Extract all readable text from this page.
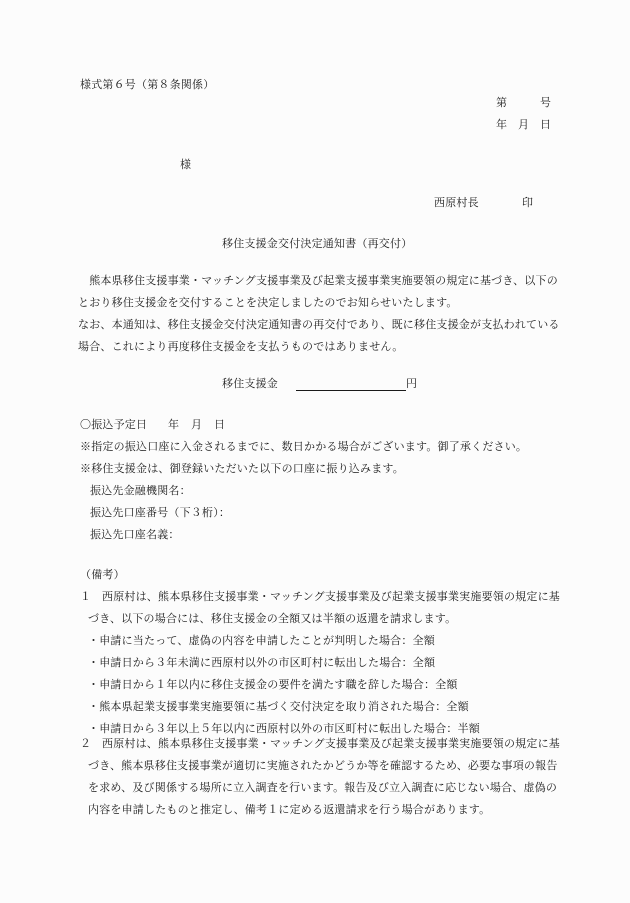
様式第６号（第８条関係）
第	号
年 月 日
様
西原村長	印
移住支援金交付決定通知書（再交付）
　熊本県移住支援事業・マッチング支援事業及び起業支援事業実施要領の規定に基づき、以下の
とおり移住支援金を交付することを決定しましたのでお知らせいたします。
なお、本通知は、移住支援金交付決定通知書の再交付であり、既に移住支援金が支払われている
場合、これにより再度移住支援金を支払うものではありません。
移住支援金	円
〇振込予定日 年 月 日
※指定の振込口座に入金されるまでに、数日かかる場合がございます。御了承ください。
※移住支援金は、御登録いただいた以下の口座に振り込みます。
振込先金融機関名：
振込先口座番号（下３桁）：
振込先口座名義：
（備考）
１ 西原村は、熊本県移住支援事業・マッチング支援事業及び起業支援事業実施要領の規定に基
づき、以下の場合には、移住支援金の全額又は半額の返還を請求します。
・申請に当たって、虚偽の内容を申請したことが判明した場合：全額
・申請日から３年未満に西原村以外の市区町村に転出した場合：全額
・申請日から１年以内に移住支援金の要件を満たす職を辞した場合：全額
・熊本県起業支援事業実施要領に基づく交付決定を取り消された場合：全額
・申請日から３年以上５年以内に西原村以外の市区町村に転出した場合：半額
２ 西原村は、熊本県移住支援事業・マッチング支援事業及び起業支援事業実施要領の規定に基
づき、熊本県移住支援事業が適切に実施されたかどうか等を確認するため、必要な事項の報告
を求め、及び関係する場所に立入調査を行います。報告及び立入調査に応じない場合、虚偽の
内容を申請したものと推定し、備考１に定める返還請求を行う場合があります。
